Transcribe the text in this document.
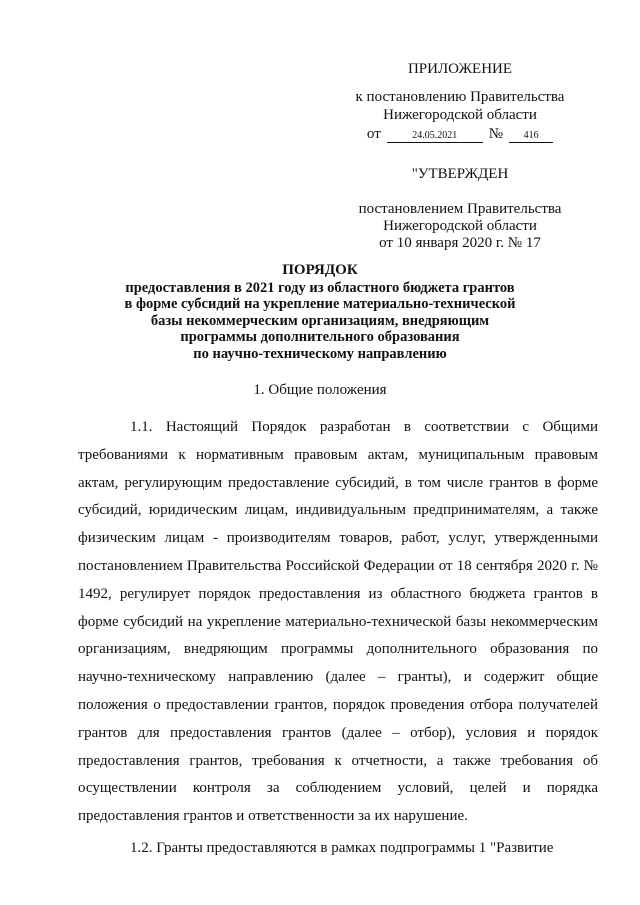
ПРИЛОЖЕНИЕ
к постановлению Правительства
Нижегородской области
от	24.05.2021	№	416
"УТВЕРЖДЕН
постановлением Правительства
Нижегородской области
от 10 января 2020 г. № 17
ПОРЯДОК
предоставления в 2021 году из областного бюджета грантов
в форме субсидий на укрепление материально-технической
базы некоммерческим организациям, внедряющим
программы дополнительного образования
по научно-техническому направлению
1. Общие положения

1.1. Настоящий Порядок разработан в соответствии с Общими требованиями к нормативным правовым актам, муниципальным правовым актам, регулирующим предоставление субсидий, в том числе грантов в форме субсидий, юридическим лицам, индивидуальным предпринимателям, а также физическим лицам - производителям товаров, работ, услуг, утвержденными постановлением Правительства Российской Федерации от 18 сентября 2020 г. № 1492, регулирует порядок предоставления из областного бюджета грантов в форме субсидий на укрепление материально-технической базы некоммерческим организациям, внедряющим программы дополнительного образования по научно-техническому направлению (далее – гранты), и содержит общие положения о предоставлении грантов, порядок проведения отбора получателей грантов для предоставления грантов (далее – отбор), условия и порядок предоставления грантов, требования к отчетности, а также требования об осуществлении контроля за соблюдением условий, целей и порядка предоставления грантов и ответственности за их нарушение.

1.2. Гранты предоставляются в рамках подпрограммы 1 "Развитие
